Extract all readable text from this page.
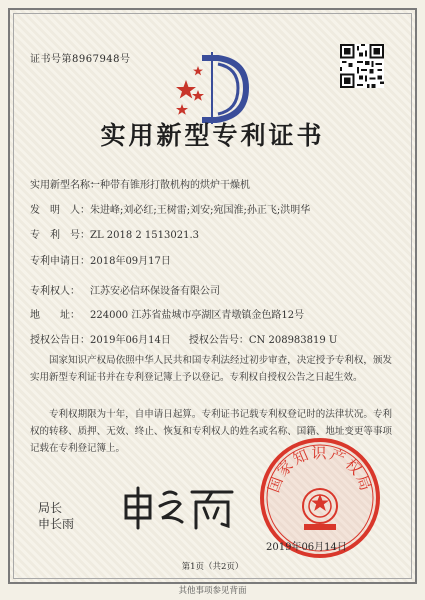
证书号第8967948号
实用新型专利证书
实用新型名称：一种带有锥形打散机构的烘炉干燥机
发　明　人：朱进峰;刘必红;王树雷;刘安;宛国淮;孙正飞;洪明华
专　利　号：ZL 2018 2 1513021.3
专利申请日：2018年09月17日
专利权人： 江苏安必信环保设备有限公司
地　　址： 224000 江苏省盐城市亭湖区青墩镇金色路12号
授权公告日：2019年06月14日 授权公告号：CN 208983819 U
国家知识产权局依照中华人民共和国专利法经过初步审查，决定授予专利权，颁发实用新型专利证书并在专利登记簿上予以登记。专利权自授权公告之日起生效。
专利权期限为十年，自申请日起算。专利证书记载专利权登记时的法律状况。专利权的转移、质押、无效、终止、恢复和专利权人的姓名或名称、国籍、地址变更等事项记载在专利登记簿上。
国家知识产权局
局长
申长雨
2019年06月14日
第1页（共2页）
其他事项参见背面
